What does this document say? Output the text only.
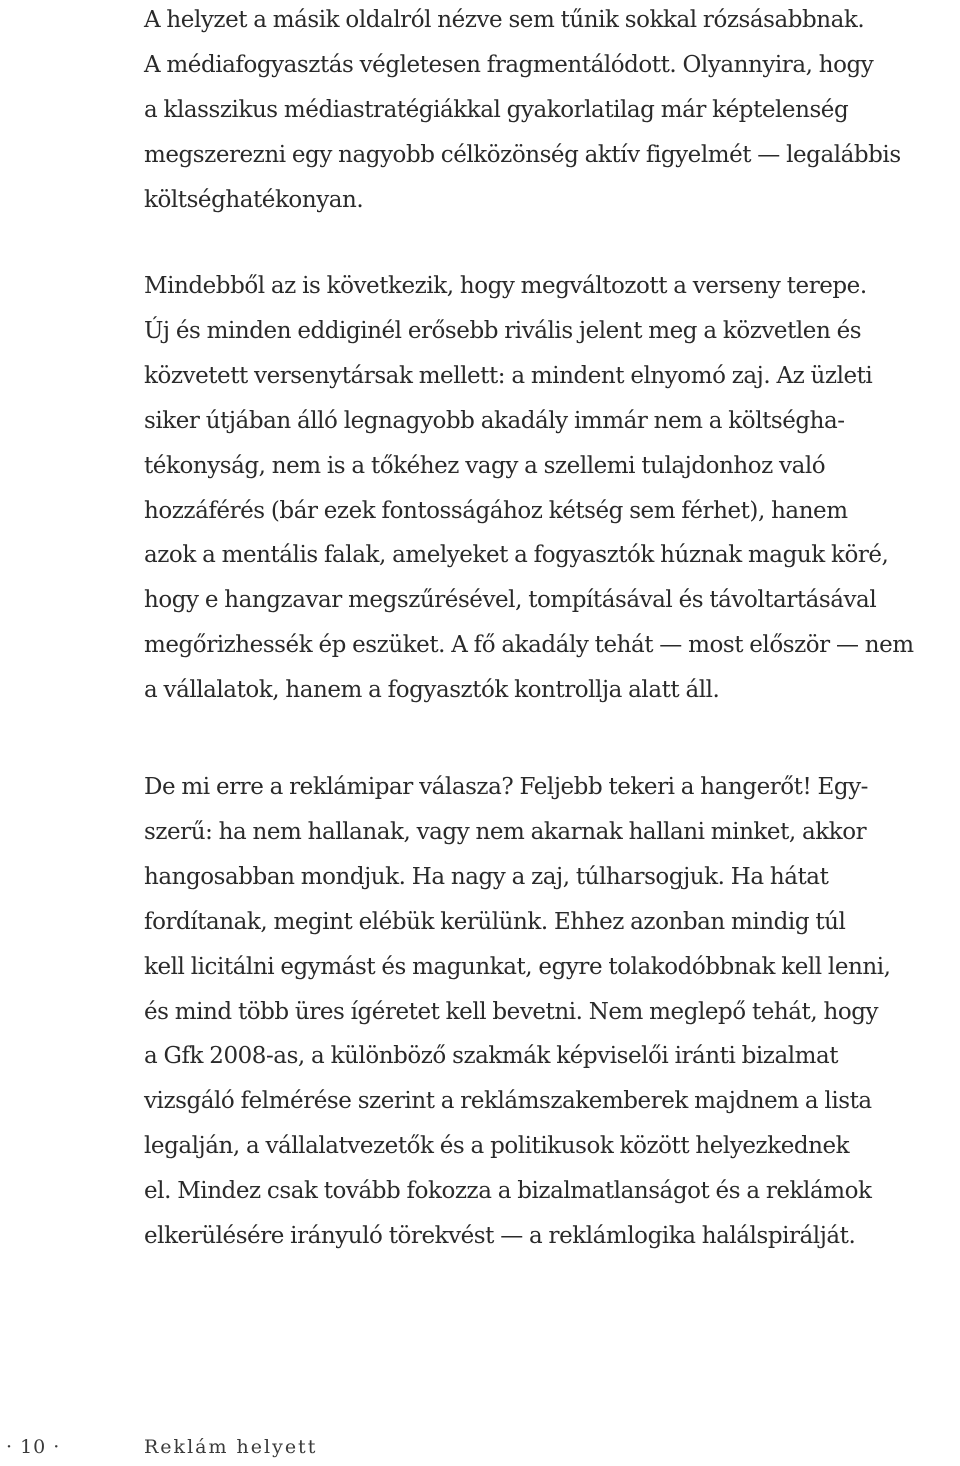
A helyzet a másik oldalról nézve sem tűnik sokkal rózsásabbnak.
A médiafogyasztás végletesen fragmentálódott. Olyannyira, hogy
a klasszikus médiastratégiákkal gyakorlatilag már képtelenség
megszerezni egy nagyobb célközönség aktív figyelmét — legalábbis
költséghatékonyan.

Mindebből az is következik, hogy megváltozott a verseny terepe.
Új és minden eddiginél erősebb rivális jelent meg a közvetlen és
közvetett versenytársak mellett: a mindent elnyomó zaj. Az üzleti
siker útjában álló legnagyobb akadály immár nem a költségha-
tékonyság, nem is a tőkéhez vagy a szellemi tulajdonhoz való
hozzáférés (bár ezek fontosságához kétség sem férhet), hanem
azok a mentális falak, amelyeket a fogyasztók húznak maguk köré,
hogy e hangzavar megszűrésével, tompításával és távoltartásával
megőrizhessék ép eszüket. A fő akadály tehát — most először — nem
a vállalatok, hanem a fogyasztók kontrollja alatt áll.

De mi erre a reklámipar válasza? Feljebb tekeri a hangerőt! Egy-
szerű: ha nem hallanak, vagy nem akarnak hallani minket, akkor
hangosabban mondjuk. Ha nagy a zaj, túlharsogjuk. Ha hátat
fordítanak, megint elébük kerülünk. Ehhez azonban mindig túl
kell licitálni egymást és magunkat, egyre tolakodóbbnak kell lenni,
és mind több üres ígéretet kell bevetni. Nem meglepő tehát, hogy
a Gfk 2008-as, a különböző szakmák képviselői iránti bizalmat
vizsgáló felmérése szerint a reklámszakemberek majdnem a lista
legalján, a vállalatvezetők és a politikusok között helyezkednek
el. Mindez csak tovább fokozza a bizalmatlanságot és a reklámok
elkerülésére irányuló törekvést — a reklámlogika halálspirálját.

· 10 ·	Reklám helyett
